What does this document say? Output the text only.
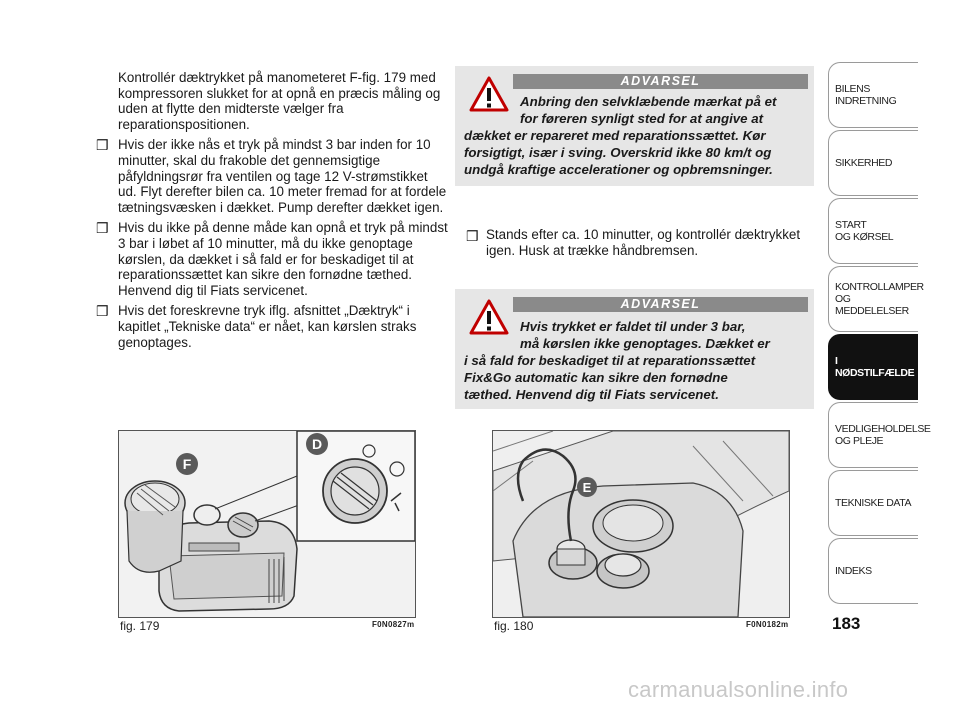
Kontrollér dæktrykket på manometeret F-fig. 179 med kompressoren slukket for at opnå en præcis måling og uden at flytte den midterste vælger fra reparationspositionen.

❒ Hvis der ikke nås et tryk på mindst 3 bar inden for 10 minutter, skal du frakoble det gennemsigtige påfyldningsrør fra ventilen og tage 12 V-strømstikket ud. Flyt derefter bilen ca. 10 meter fremad for at fordele tætningsvæsken i dækket. Pump derefter dækket igen.

❒ Hvis du ikke på denne måde kan opnå et tryk på mindst 3 bar i løbet af 10 minutter, må du ikke genoptage kørslen, da dækket i så fald er for beskadiget til at reparationssættet kan sikre den fornødne tæthed. Henvend dig til Fiats servicenet.

❒ Hvis det foreskrevne tryk iflg. afsnittet „Dæktryk“ i kapitlet „Tekniske data“ er nået, kan kørslen straks genoptages.

ADVARSEL
Anbring den selvklæbende mærkat på et
for føreren synligt sted for at angive at
dækket er repareret med reparationssættet. Kør
forsigtigt, især i sving. Overskrid ikke 80 km/t og
undgå kraftige accelerationer og opbremsninger.
❒ Stands efter ca. 10 minutter, og kontrollér dæktrykket igen. Husk at trække håndbremsen.
ADVARSEL
Hvis trykket er faldet til under 3 bar,
må kørslen ikke genoptages. Dækket er
i så fald for beskadiget til at reparationssættet
Fix&Go automatic kan sikre den fornødne
tæthed. Henvend dig til Fiats servicenet.
F
D
fig. 179	F0N0827m
E
fig. 180	F0N0182m
BILENS
INDRETNING
SIKKERHED
START
OG KØRSEL
KONTROLLAMPER
OG MEDDELELSER
I NØDSTILFÆLDE
VEDLIGEHOLDELSE
OG PLEJE
TEKNISKE DATA
INDEKS
183
carmanualsonline.info
